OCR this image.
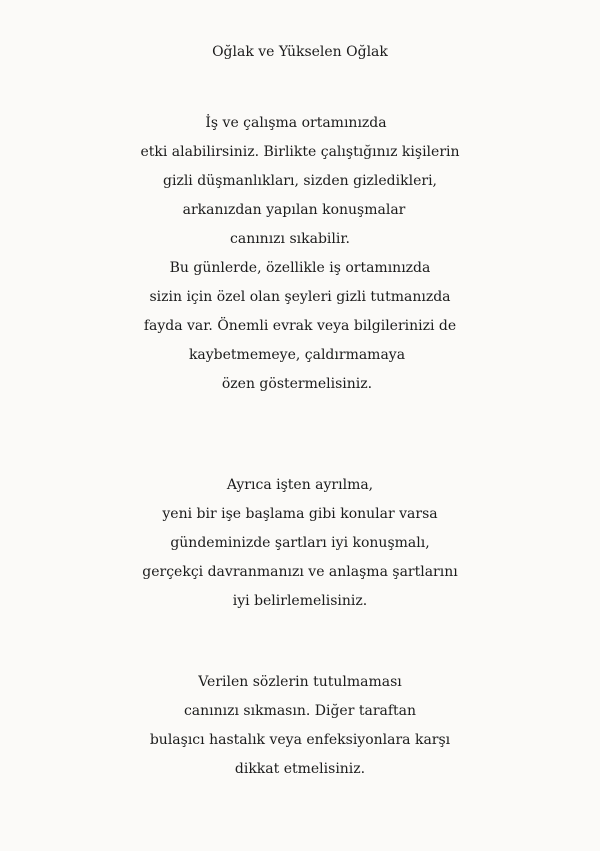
Oğlak ve Yükselen Oğlak
İş ve çalışma ortamınızda
etki alabilirsiniz. Birlikte çalıştığınız kişilerin
gizli düşmanlıkları, sizden gizledikleri,
arkanızdan yapılan konuşmalar
canınızı sıkabilir.
Bu günlerde, özellikle iş ortamınızda
sizin için özel olan şeyleri gizli tutmanızda
fayda var. Önemli evrak veya bilgilerinizi de
kaybetmemeye, çaldırmamaya
özen göstermelisiniz.
Ayrıca işten ayrılma,
yeni bir işe başlama gibi konular varsa
gündeminizde şartları iyi konuşmalı,
gerçekçi davranmanızı ve anlaşma şartlarını
iyi belirlemelisiniz.
Verilen sözlerin tutulmaması
canınızı sıkmasın. Diğer taraftan
bulaşıcı hastalık veya enfeksiyonlara karşı
dikkat etmelisiniz.
